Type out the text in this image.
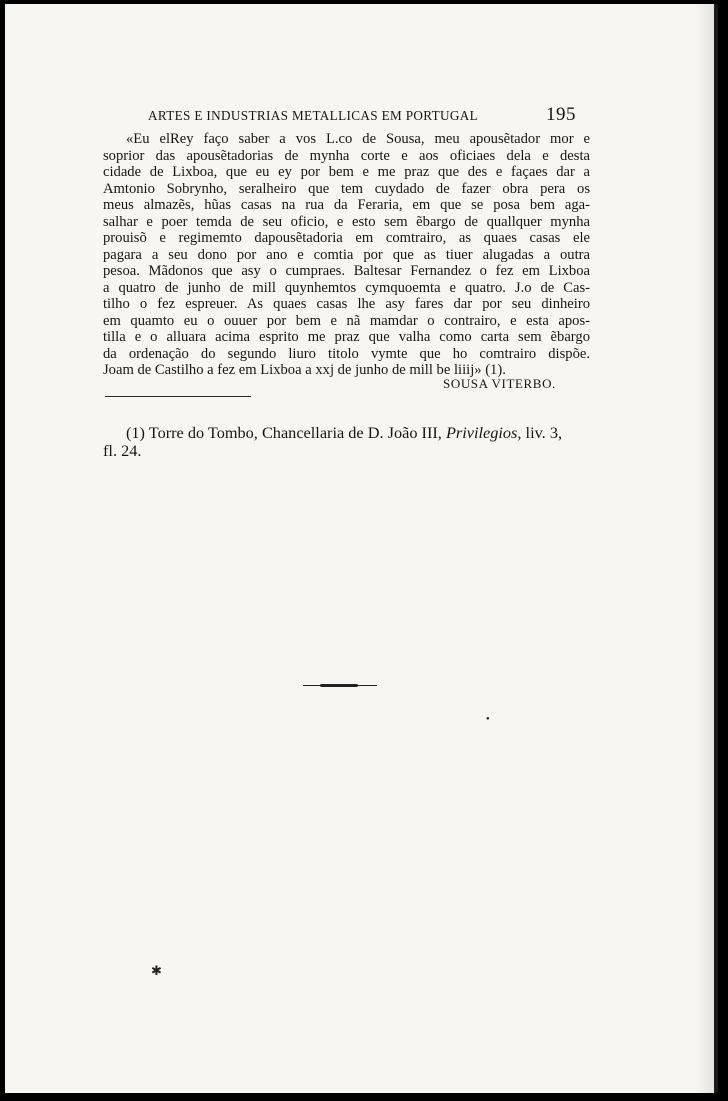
ARTES E INDUSTRIAS METALLICAS EM PORTUGAL	195
«Eu elRey faço saber a vos L.co de Sousa, meu apousẽtador mor e
soprior das apousẽtadorias de mynha corte e aos oficiaes dela e desta
cidade de Lixboa, que eu ey por bem e me praz que des e façaes dar a
Amtonio Sobrynho, seralheiro que tem cuydado de fazer obra pera os
meus almazẽs, hũas casas na rua da Feraria, em que se posa bem aga-
salhar e poer temda de seu oficio, e esto sem ẽbargo de quallquer mynha
prouisõ e regimemto dapousẽtadoria em comtrairo, as quaes casas ele
pagara a seu dono por ano e comtia por que as tiuer alugadas a outra
pesoa. Mãdonos que asy o cumpraes. Baltesar Fernandez o fez em Lixboa
a quatro de junho de mill quynhemtos cymquoemta e quatro. J.o de Cas-
tilho o fez espreuer. As quaes casas lhe asy fares dar por seu dinheiro
em quamto eu o ouuer por bem e nã mamdar o contrairo, e esta apos-
tilla e o alluara acima esprito me praz que valha como carta sem ẽbargo
da ordenação do segundo liuro titolo vymte que ho comtrairo dispõe.
Joam de Castilho a fez em Lixboa a xxj de junho de mill be liiij» (1).
SOUSA VITERBO.
(1) Torre do Tombo, Chancellaria de D. João III, Privilegios, liv. 3,
fl. 24.
✱
●
